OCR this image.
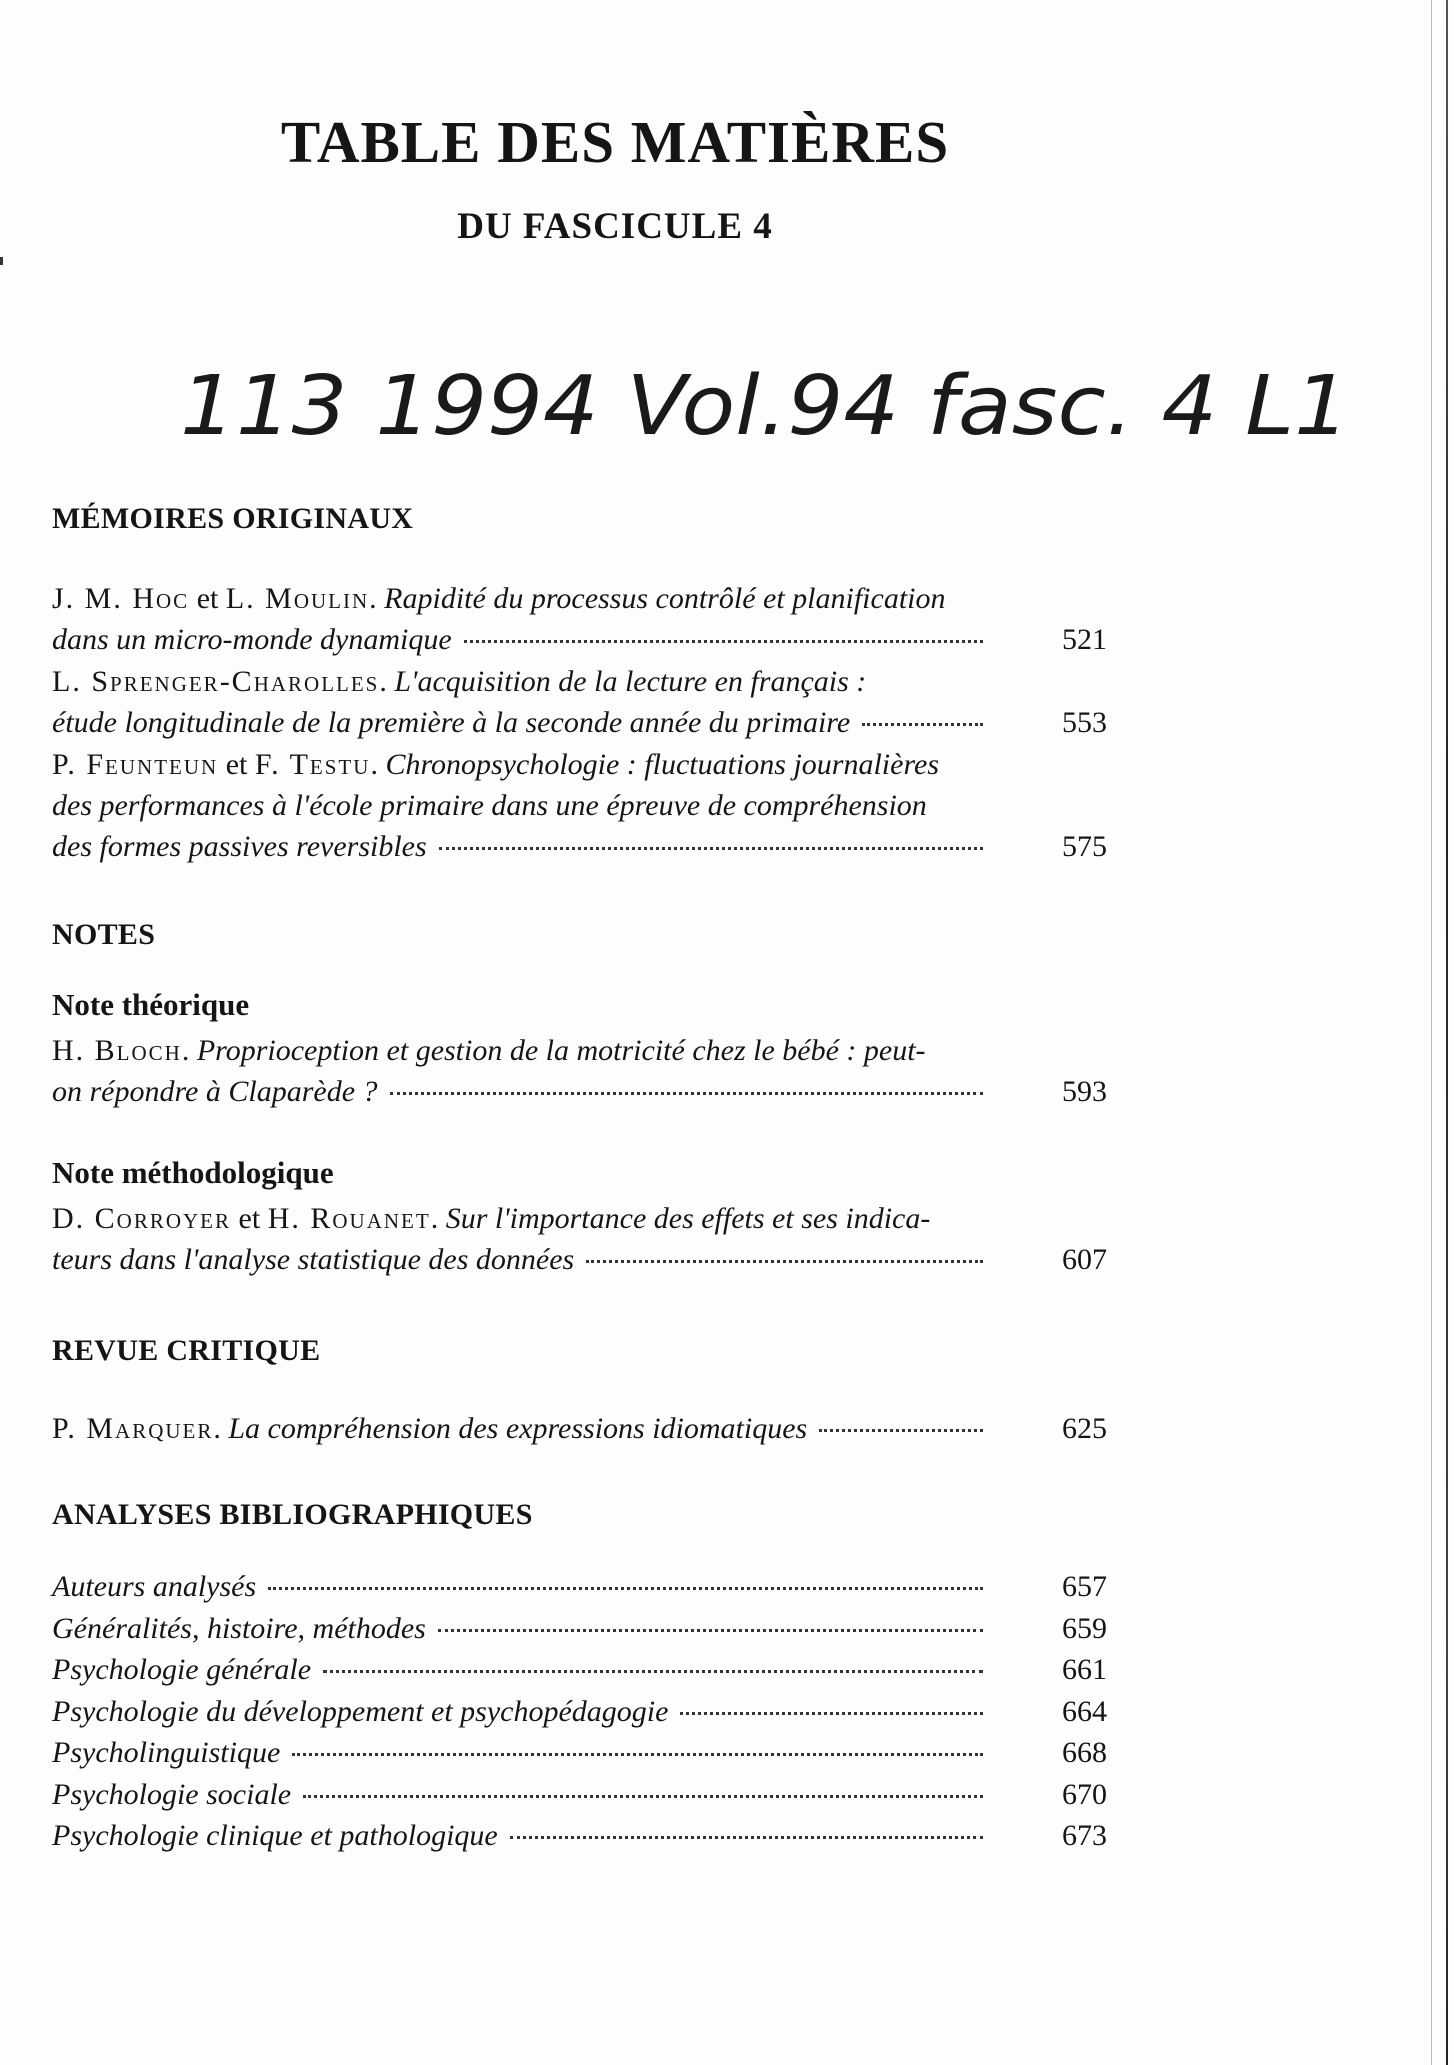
TABLE DES MATIÈRES
DU FASCICULE 4
113 1994 Vol.94 fasc. 4 L1
MÉMOIRES ORIGINAUX
J. M. Hoc
et
L. Moulin . Rapidité du processus contrôlé et planification
dans un micro-monde dynamique	521
L. Sprenger-Charolles . L'acquisition de la lecture en français :
étude longitudinale de la première à la seconde année du primaire	553
P. Feunteun
et
F. Testu . Chronopsychologie : fluctuations journalières
des performances à l'école primaire dans une épreuve de compréhension
des formes passives reversibles	575
NOTES
Note théorique
H. Bloch . Proprioception et gestion de la motricité chez le bébé : peut-
on répondre à Claparède ?	593
Note méthodologique
D. Corroyer
et
H. Rouanet . Sur l'importance des effets et ses indica-
teurs dans l'analyse statistique des données	607
REVUE CRITIQUE
P. Marquer . La compréhension des expressions idiomatiques	625
ANALYSES BIBLIOGRAPHIQUES
Auteurs analysés	657
Généralités, histoire, méthodes	659
Psychologie générale	661
Psychologie du développement et psychopédagogie	664
Psycholinguistique	668
Psychologie sociale	670
Psychologie clinique et pathologique	673
